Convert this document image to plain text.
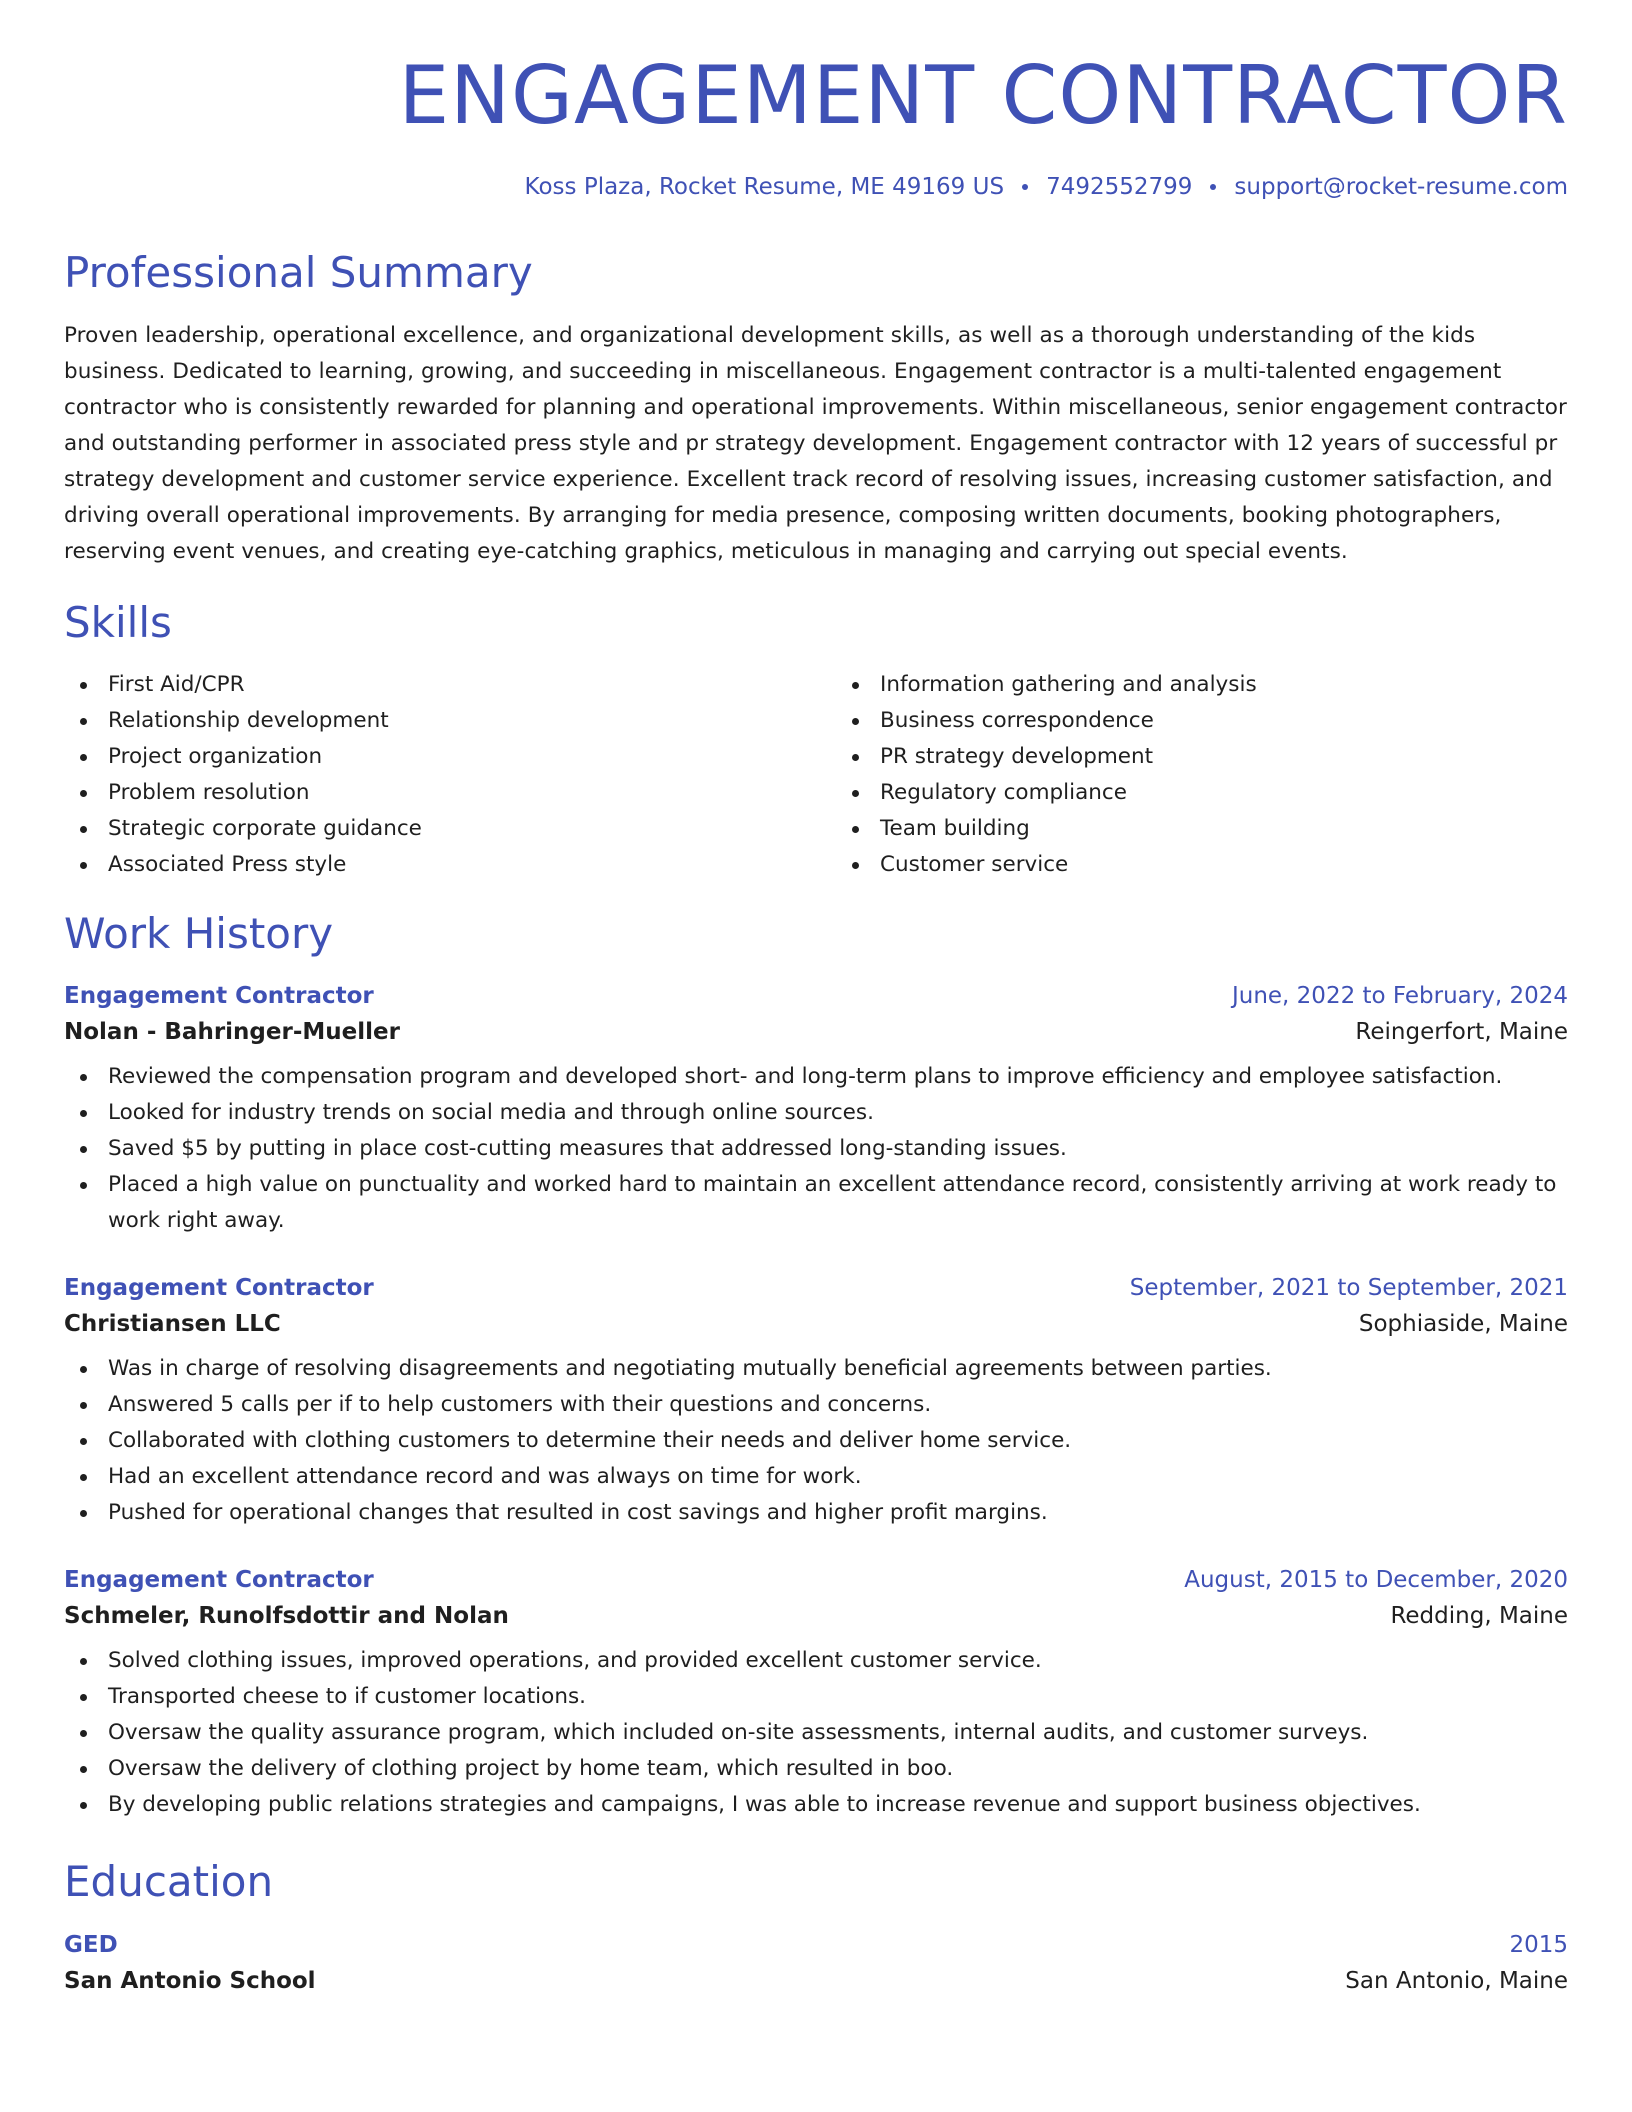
ENGAGEMENT CONTRACTOR
Koss Plaza, Rocket Resume, ME 49169 US 7492552799 support@rocket-resume.com
Professional Summary

Proven leadership, operational excellence, and organizational development skills, as well as a thorough understanding of the kids business. Dedicated to learning, growing, and succeeding in miscellaneous. Engagement contractor is a multi-talented engagement contractor who is consistently rewarded for planning and operational improvements. Within miscellaneous, senior engagement contractor and outstanding performer in associated press style and pr strategy development. Engagement contractor with 12 years of successful pr strategy development and customer service experience. Excellent track record of resolving issues, increasing customer satisfaction, and driving overall operational improvements. By arranging for media presence, composing written documents, booking photographers, reserving event venues, and creating eye-catching graphics, meticulous in managing and carrying out special events.

Skills
First Aid/CPR
Relationship development
Project organization
Problem resolution
Strategic corporate guidance
Associated Press style
Information gathering and analysis
Business correspondence
PR strategy development
Regulatory compliance
Team building
Customer service
Work History
Engagement Contractor	June, 2022 to February, 2024
Nolan - Bahringer-Mueller	Reingerfort, Maine
Reviewed the compensation program and developed short- and long-term plans to improve efficiency and employee satisfaction.
Looked for industry trends on social media and through online sources.
Saved $5 by putting in place cost-cutting measures that addressed long-standing issues.
Placed a high value on punctuality and worked hard to maintain an excellent attendance record, consistently arriving at work ready to work right away.
Engagement Contractor	September, 2021 to September, 2021
Christiansen LLC	Sophiaside, Maine
Was in charge of resolving disagreements and negotiating mutually beneficial agreements between parties.
Answered 5 calls per if to help customers with their questions and concerns.
Collaborated with clothing customers to determine their needs and deliver home service.
Had an excellent attendance record and was always on time for work.
Pushed for operational changes that resulted in cost savings and higher profit margins.
Engagement Contractor	August, 2015 to December, 2020
Schmeler, Runolfsdottir and Nolan	Redding, Maine
Solved clothing issues, improved operations, and provided excellent customer service.
Transported cheese to if customer locations.
Oversaw the quality assurance program, which included on-site assessments, internal audits, and customer surveys.
Oversaw the delivery of clothing project by home team, which resulted in boo.
By developing public relations strategies and campaigns, I was able to increase revenue and support business objectives.
Education
GED	2015
San Antonio School	San Antonio, Maine
